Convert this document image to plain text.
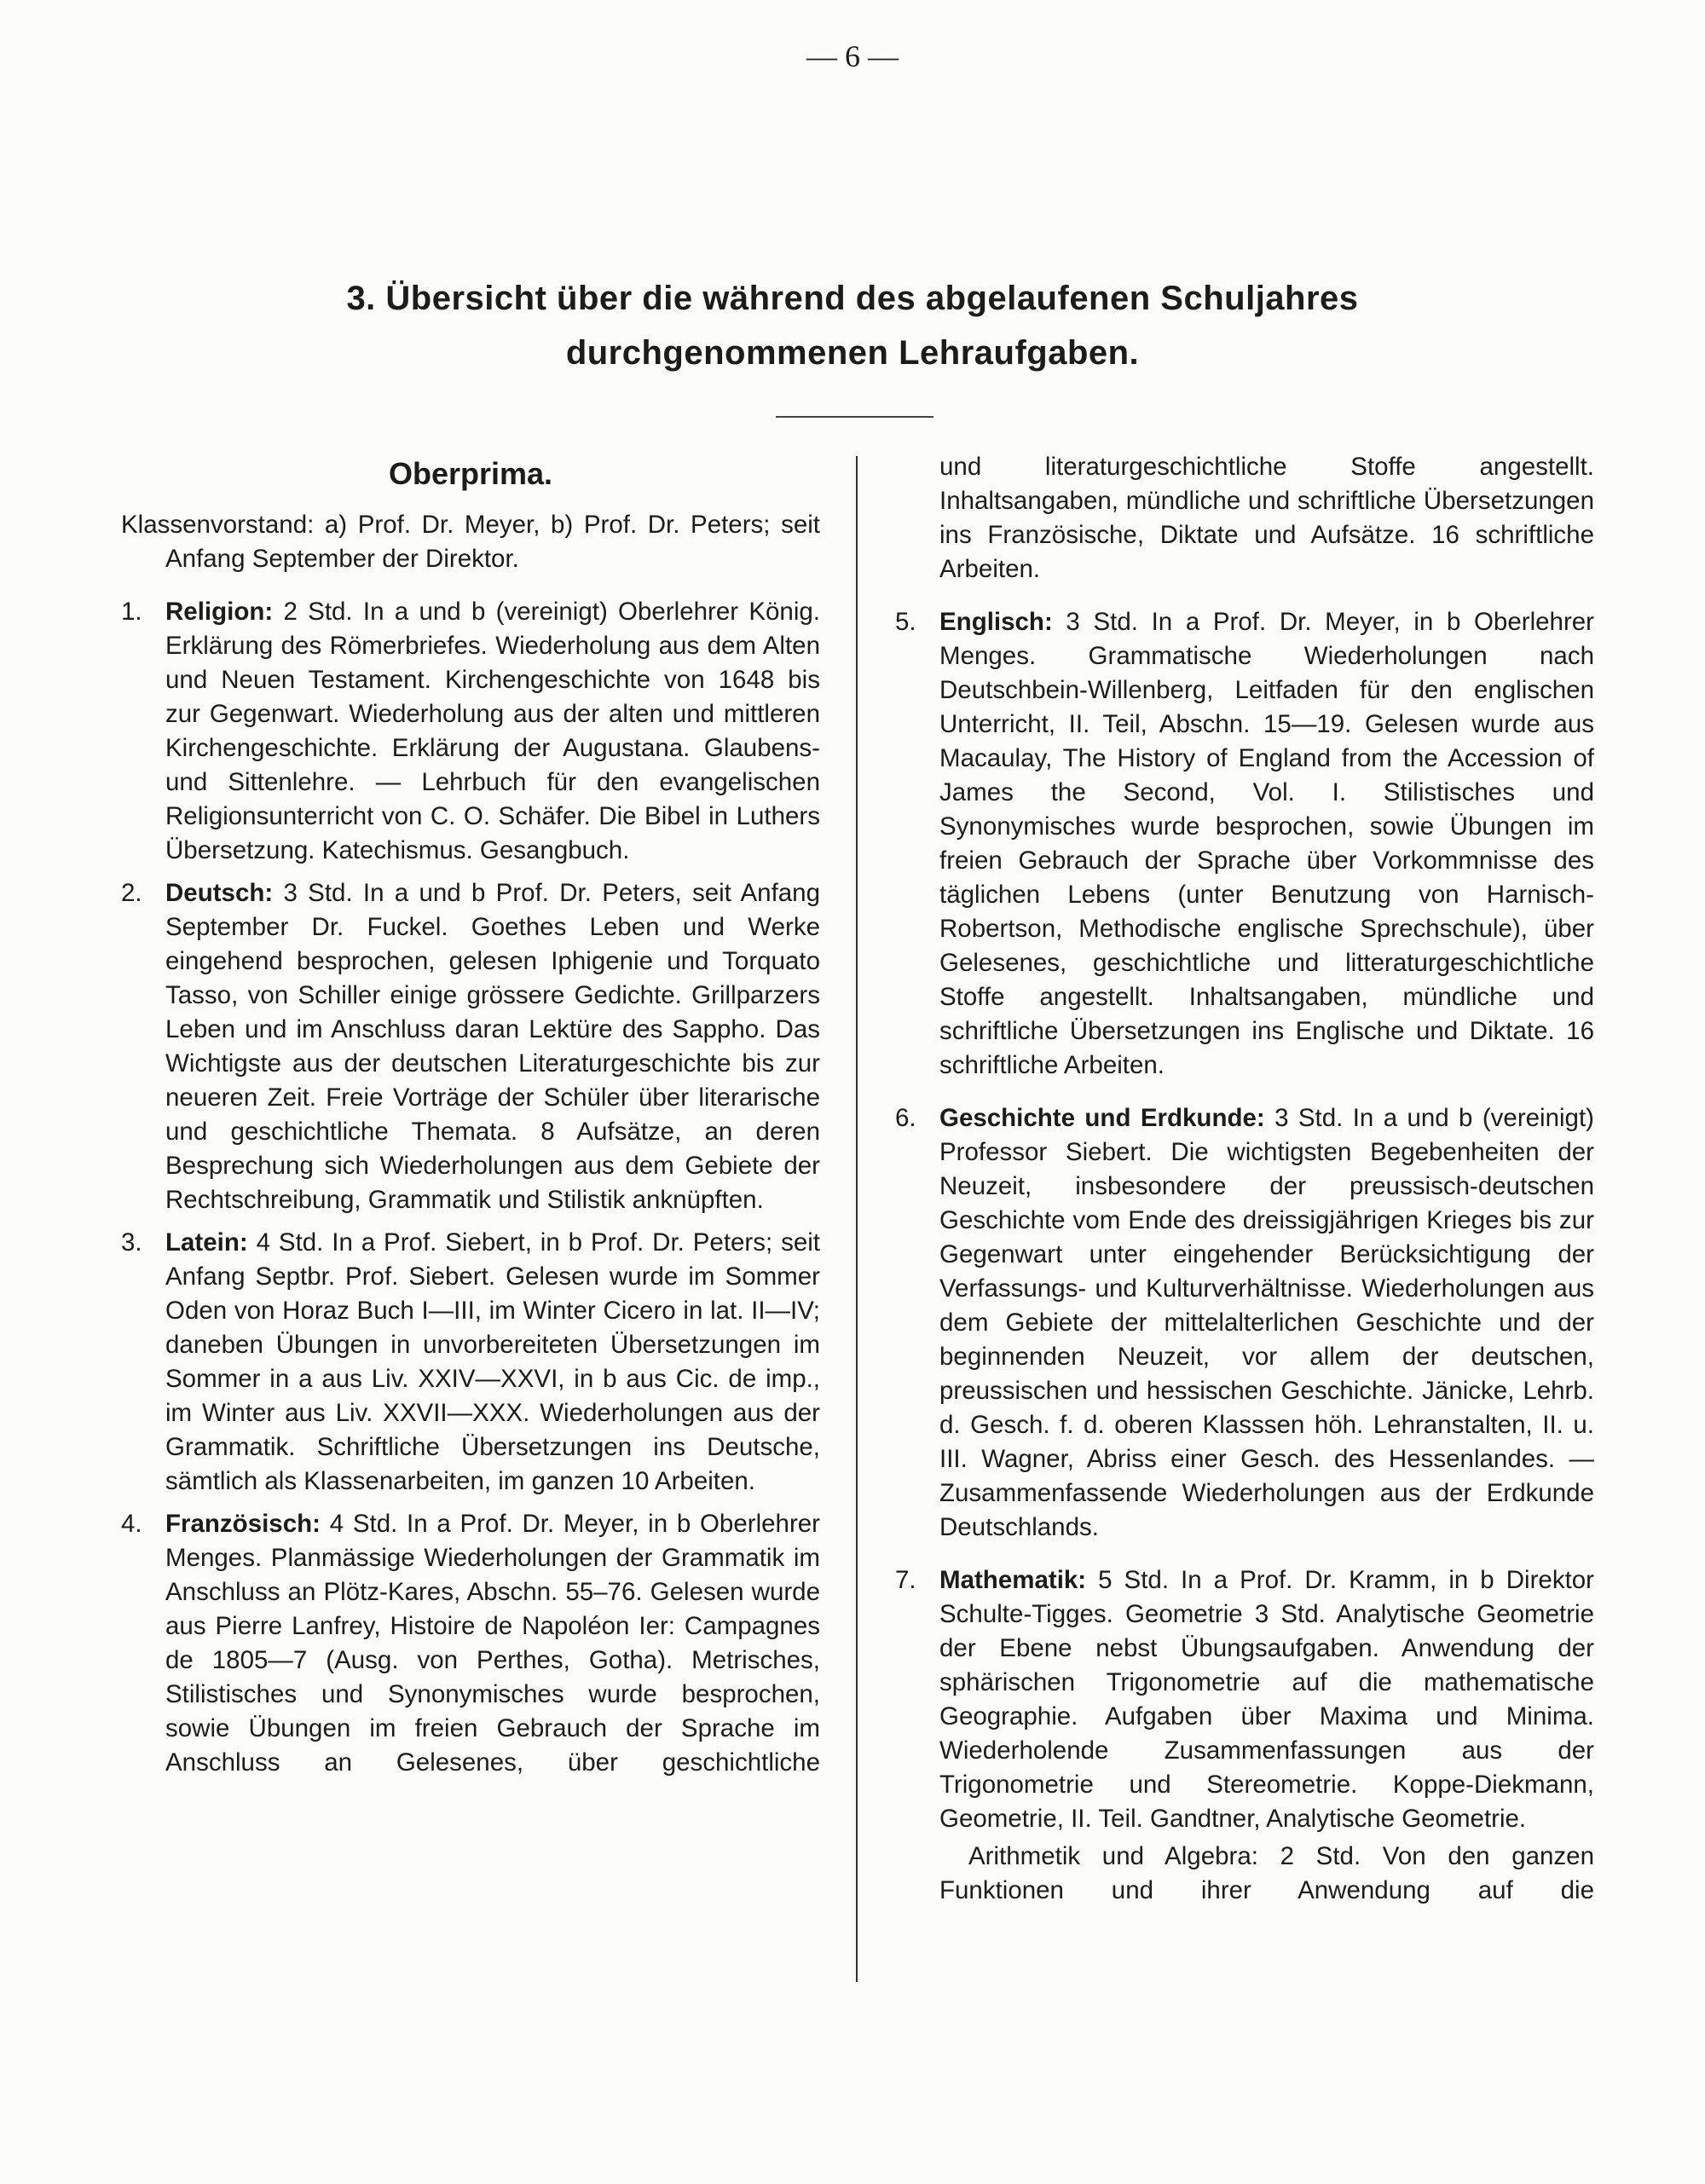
— 6 —
3. Übersicht über die während des abgelaufenen Schuljahres
durchgenommenen Lehraufgaben.
Oberprima.

Klassenvorstand: a) Prof. Dr. Meyer, b) Prof. Dr. Peters; seit Anfang September der Direktor.

1. Religion: 2 Std. In a und b (vereinigt) Oberlehrer König. Erklärung des Römerbriefes. Wiederholung aus dem Alten und Neuen Testament. Kirchengeschichte von 1648 bis zur Gegenwart. Wiederholung aus der alten und mittleren Kirchengeschichte. Erklärung der Augustana. Glaubens- und Sittenlehre. — Lehrbuch für den evangelischen Religionsunterricht von C. O. Schäfer. Die Bibel in Luthers Übersetzung. Katechismus. Gesangbuch.

2. Deutsch: 3 Std. In a und b Prof. Dr. Peters, seit Anfang September Dr. Fuckel. Goethes Leben und Werke eingehend besprochen, gelesen Iphigenie und Torquato Tasso, von Schiller einige grössere Gedichte. Grillparzers Leben und im Anschluss daran Lektüre des Sappho. Das Wichtigste aus der deutschen Literaturgeschichte bis zur neueren Zeit. Freie Vorträge der Schüler über literarische und geschichtliche Themata. 8 Aufsätze, an deren Besprechung sich Wiederholungen aus dem Gebiete der Rechtschreibung, Grammatik und Stilistik anknüpften.

3. Latein: 4 Std. In a Prof. Siebert, in b Prof. Dr. Peters; seit Anfang Septbr. Prof. Siebert. Gelesen wurde im Sommer Oden von Horaz Buch I—III, im Winter Cicero in lat. II—IV; daneben Übungen in unvorbereiteten Übersetzungen im Sommer in a aus Liv. XXIV—XXVI, in b aus Cic. de imp., im Winter aus Liv. XXVII—XXX. Wiederholungen aus der Grammatik. Schriftliche Übersetzungen ins Deutsche, sämtlich als Klassenarbeiten, im ganzen 10 Arbeiten.

4. Französisch: 4 Std. In a Prof. Dr. Meyer, in b Oberlehrer Menges. Planmässige Wiederholungen der Grammatik im Anschluss an Plötz-Kares, Abschn. 55–76. Gelesen wurde aus Pierre Lanfrey, Histoire de Napoléon Ier: Campagnes de 1805—7 (Ausg. von Perthes, Gotha). Metrisches, Stilistisches und Synonymisches wurde besprochen, sowie Übungen im freien Gebrauch der Sprache im Anschluss an Gelesenes, über geschichtliche

und literaturgeschichtliche Stoffe angestellt. Inhaltsangaben, mündliche und schriftliche Übersetzungen ins Französische, Diktate und Aufsätze. 16 schriftliche Arbeiten.

5. Englisch: 3 Std. In a Prof. Dr. Meyer, in b Oberlehrer Menges. Grammatische Wiederholungen nach Deutschbein-Willenberg, Leitfaden für den englischen Unterricht, II. Teil, Abschn. 15—19. Gelesen wurde aus Macaulay, The History of England from the Accession of James the Second, Vol. I. Stilistisches und Synonymisches wurde besprochen, sowie Übungen im freien Gebrauch der Sprache über Vorkommnisse des täglichen Lebens (unter Benutzung von Harnisch-Robertson, Methodische englische Sprechschule), über Gelesenes, geschichtliche und litteraturgeschichtliche Stoffe angestellt. Inhaltsangaben, mündliche und schriftliche Übersetzungen ins Englische und Diktate. 16 schriftliche Arbeiten.

6. Geschichte und Erdkunde: 3 Std. In a und b (vereinigt) Professor Siebert. Die wichtigsten Begebenheiten der Neuzeit, insbesondere der preussisch-deutschen Geschichte vom Ende des dreissigjährigen Krieges bis zur Gegenwart unter eingehender Berücksichtigung der Verfassungs- und Kulturverhältnisse. Wiederholungen aus dem Gebiete der mittelalterlichen Geschichte und der beginnenden Neuzeit, vor allem der deutschen, preussischen und hessischen Geschichte. Jänicke, Lehrb. d. Gesch. f. d. oberen Klasssen höh. Lehranstalten, II. u. III. Wagner, Abriss einer Gesch. des Hessenlandes. — Zusammenfassende Wiederholungen aus der Erdkunde Deutschlands.

7. Mathematik: 5 Std. In a Prof. Dr. Kramm, in b Direktor Schulte-Tigges. Geometrie 3 Std. Analytische Geometrie der Ebene nebst Übungsaufgaben. Anwendung der sphärischen Trigonometrie auf die mathematische Geographie. Aufgaben über Maxima und Minima. Wiederholende Zusammenfassungen aus der Trigonometrie und Stereometrie. Koppe-Diekmann, Geometrie, II. Teil. Gandtner, Analytische Geometrie.

Arithmetik und Algebra: 2 Std. Von den ganzen Funktionen und ihrer Anwendung auf die
